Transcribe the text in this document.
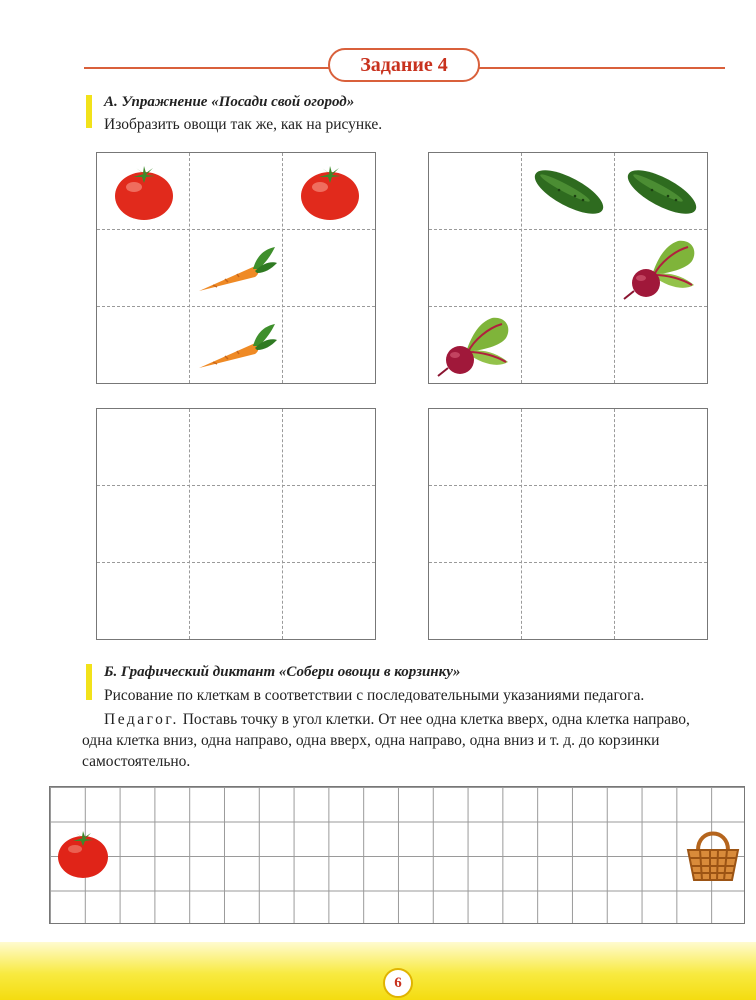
Задание 4
А. Упражнение «Посади свой огород»
Изобразить овощи так же, как на рисунке.
Б. Графический диктант «Собери овощи в корзинку»
Рисование по клеткам в соответствии с последовательными указаниями педагога.
Педагог. Поставь точку в угол клетки. От нее одна клетка вверх, одна клетка направо,
одна клетка вниз, одна направо, одна вверх, одна направо, одна вниз и т. д. до корзинки
самостоятельно.
6
